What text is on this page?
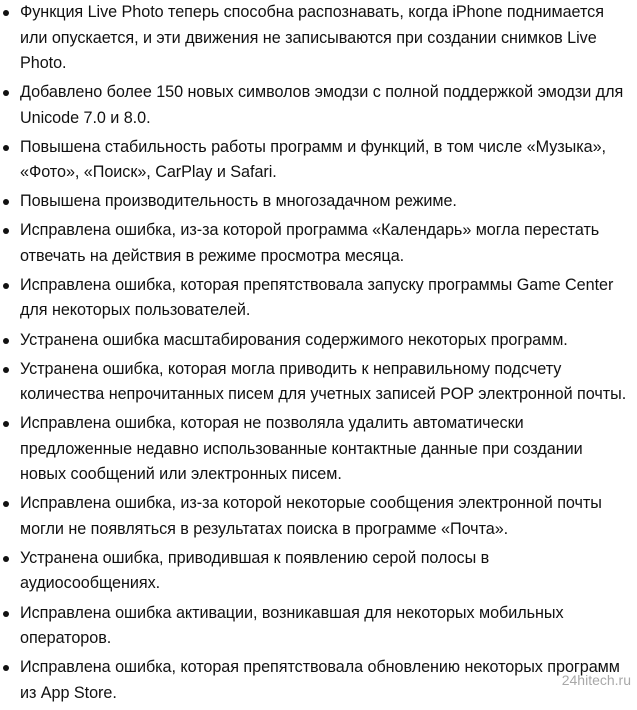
Функция Live Photo теперь способна распознавать, когда iPhone поднимается или опускается, и эти движения не записываются при создании снимков Live Photo.
Добавлено более 150 новых символов эмодзи с полной поддержкой эмодзи для Unicode 7.0 и 8.0.
Повышена стабильность работы программ и функций, в том числе «Музыка», «Фото», «Поиск», CarPlay и Safari.
Повышена производительность в многозадачном режиме.
Исправлена ошибка, из-за которой программа «Календарь» могла перестать отвечать на действия в режиме просмотра месяца.
Исправлена ошибка, которая препятствовала запуску программы Game Center для некоторых пользователей.
Устранена ошибка масштабирования содержимого некоторых программ.
Устранена ошибка, которая могла приводить к неправильному подсчету количества непрочитанных писем для учетных записей POP электронной почты.
Исправлена ошибка, которая не позволяла удалить автоматически предложенные недавно использованные контактные данные при создании новых сообщений или электронных писем.
Исправлена ошибка, из-за которой некоторые сообщения электронной почты могли не появляться в результатах поиска в программе «Почта».
Устранена ошибка, приводившая к появлению серой полосы в аудиосообщениях.
Исправлена ошибка активации, возникавшая для некоторых мобильных операторов.
Исправлена ошибка, которая препятствовала обновлению некоторых программ из App Store.
24hitech.ru
